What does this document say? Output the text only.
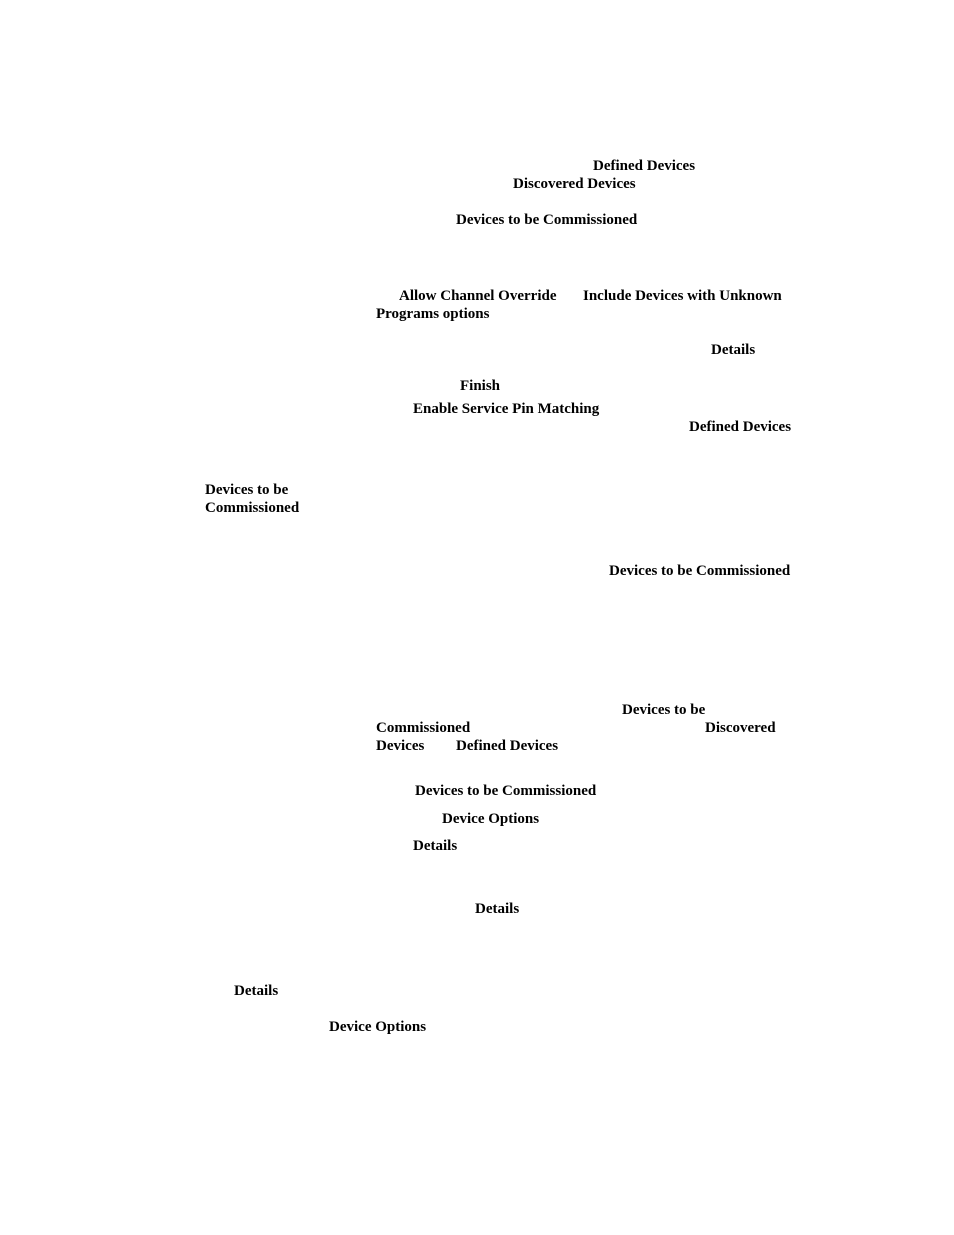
Defined Devices
Discovered Devices
Devices to be Commissioned
Allow Channel Override Include Devices with Unknown
Programs options
Details
Finish
Enable Service Pin Matching
Defined Devices
Devices to be
Commissioned
Devices to be Commissioned
Devices to be
Commissioned	Discovered
Devices Defined Devices
Devices to be Commissioned
Device Options
Details
Details
Details
Device Options
